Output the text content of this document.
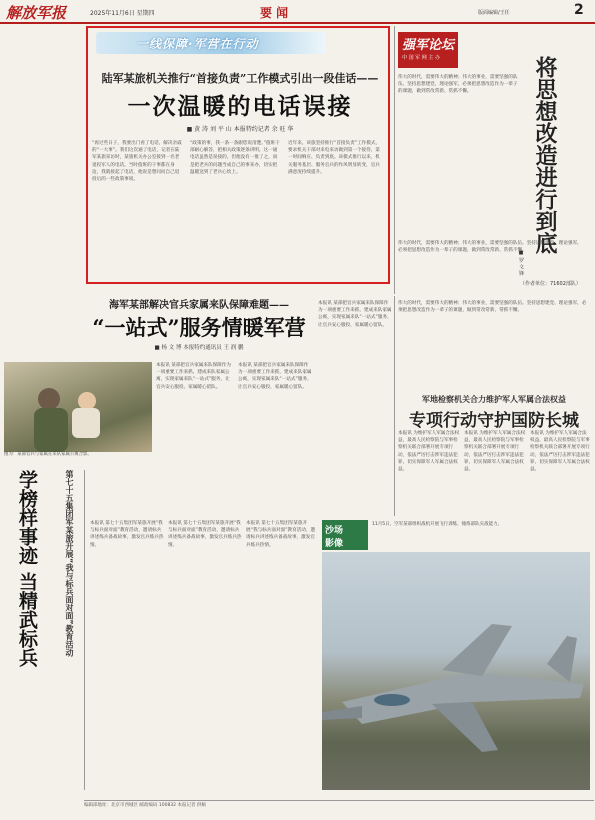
解放军报	2025年11月6日 星期四	要 闻	版面编辑/王任	2
一线保障·军营在行动
陆军某旅机关推行“首接负责”工作模式引出一段佳话——
一次温暖的电话误接
■ 黄 涛 刘 平 山 本报特约记者 余 旺 华
“再过些日子，我要出门看了电话，解决亲戚的“一大事”。我们这次通了电话，记者在陆军某旅采访时，某旅机关办公室接到一名老退役军人的电话。当时值班的干事都在身边，我就接起了电话，他说是想问问自己退役后的一些政策事项。
“政策的事，我一条一条跟您说清楚。”值班干部耐心解答，把相关政策逐条讲明。这一通电话虽然是误接的，但他没有一推了之，而是把老兵的问题当成自己的事来办，切实把温暖送到了老兵心坎上。
近年来，该旅坚持推行“首接负责”工作模式，要求机关干部对来电来访做到第一个接待、第一时间响应、负责到底。该模式推行以来，机关服务基层、服务官兵的作风明显转变，官兵满意度持续提升。
强军论坛
中 国 军 网 主 办
伟大的时代，需要伟大的精神；伟大的事业，需要坚强的队伍。坚持思想建党、理论强军，必须把思想改造作为一辈子的课题，做到常改常新、常抓不懈。	将思想改造进行到底
■ 罗 文 锋
伟大的时代，需要伟大的精神；伟大的事业，需要坚强的队伍。坚持思想建党、理论强军，必须把思想改造作为一辈子的课题，做到常改常新、常抓不懈。
（作者单位：71602部队）
海军某部解决官兵家属来队保障难题——
“一站式”服务情暖军营
■ 杨 文 博 本报特约通讯员 王 润 鹏
图为：某部官兵与家属在来队家属公寓合影。
本报讯 某部把官兵家属来队保障作为一项重要工作来抓，建成来队家属公寓，实现家属来队“一站式”服务，让官兵安心服役、家属暖心留队。
本报讯 某部把官兵家属来队保障作为一项重要工作来抓，建成来队家属公寓，实现家属来队“一站式”服务，让官兵安心服役、家属暖心留队。
本报讯 某部把官兵家属来队保障作为一项重要工作来抓，建成来队家属公寓，实现家属来队“一站式”服务，让官兵安心服役、家属暖心留队。
伟大的时代，需要伟大的精神；伟大的事业，需要坚强的队伍。坚持思想建党、理论强军，必须把思想改造作为一辈子的课题，做到常改常新、常抓不懈。
军地检察机关合力维护军人军属合法权益
专项行动守护国防长城
本报讯 为维护军人军属合法权益，最高人民检察院与军事检察机关联合部署开展专项行动，依法严厉打击涉军违法犯罪，切实保障军人军属合法权益。
本报讯 为维护军人军属合法权益，最高人民检察院与军事检察机关联合部署开展专项行动，依法严厉打击涉军违法犯罪，切实保障军人军属合法权益。
本报讯 为维护军人军属合法权益，最高人民检察院与军事检察机关联合部署开展专项行动，依法严厉打击涉军违法犯罪，切实保障军人军属合法权益。
第七十五集团军某旅开展“我与标兵面对面”教育活动
学榜样事迹 当精武标兵	本报讯 第七十五集团军某旅开展“我与标兵面对面”教育活动，邀请标兵讲述练兵备战故事，激发官兵练兵热情。
本报讯 第七十五集团军某旅开展“我与标兵面对面”教育活动，邀请标兵讲述练兵备战故事，激发官兵练兵热情。
本报讯 第七十五集团军某旅开展“我与标兵面对面”教育活动，邀请标兵讲述练兵备战故事，激发官兵练兵热情。
沙场
影像
11月5日，空军某部组织战机开展飞行训练，锤炼部队实战能力。
编辑部地址：北京市西城区 邮政编码 100832 本报记者 供稿
